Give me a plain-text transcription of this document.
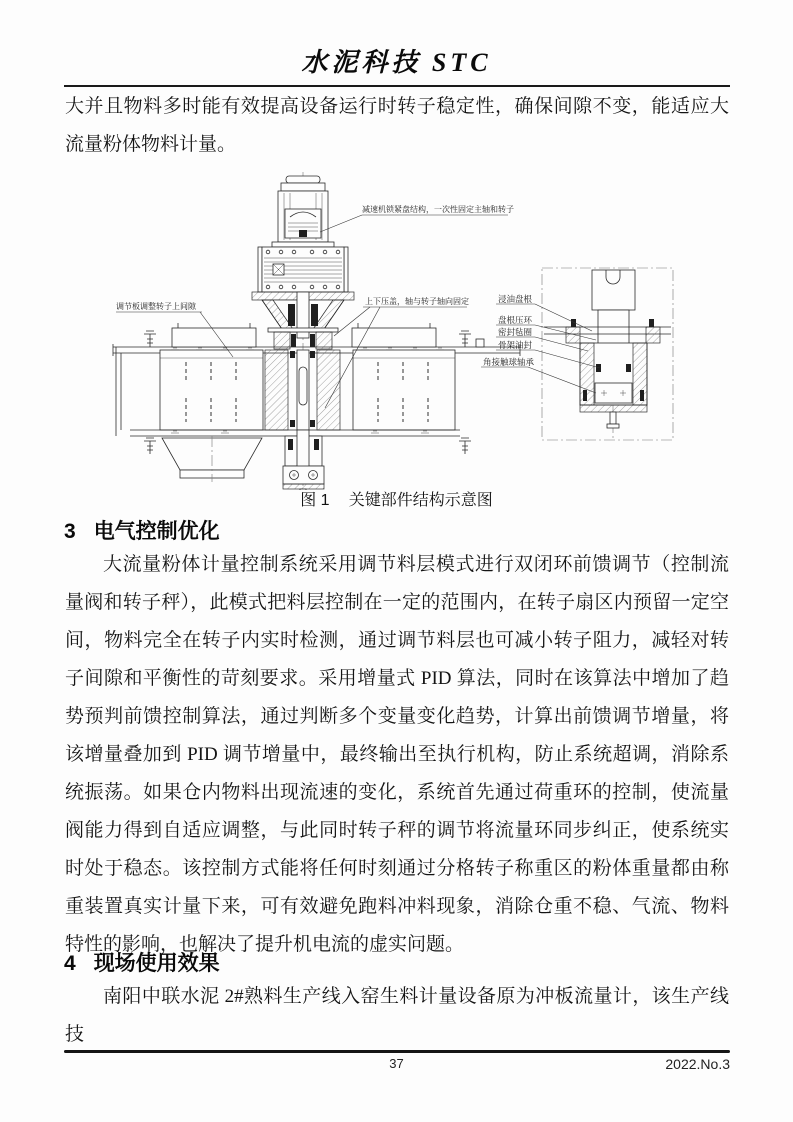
水泥科技 STC

大并且物料多时能有效提高设备运行时转子稳定性，确保间隙不变，能适应大流量粉体物料计量。

减速机锁紧盘结构，一次性固定主轴和转子
调节板调整转子上间隙
上下压盖，轴与转子轴向固定	浸油盘根
盘根压环
密封毡圈
骨架油封
角接触球轴承
图 1 关键部件结构示意图
3 电气控制优化

大流量粉体计量控制系统采用调节料层模式进行双闭环前馈调节（控制流量阀和转子秤），此模式把料层控制在一定的范围内，在转子扇区内预留一定空间，物料完全在转子内实时检测，通过调节料层也可减小转子阻力，减轻对转子间隙和平衡性的苛刻要求。采用增量式 PID 算法，同时在该算法中增加了趋势预判前馈控制算法，通过判断多个变量变化趋势，计算出前馈调节增量，将该增量叠加到 PID 调节增量中，最终输出至执行机构，防止系统超调，消除系统振荡。如果仓内物料出现流速的变化，系统首先通过荷重环的控制，使流量阀能力得到自适应调整，与此同时转子秤的调节将流量环同步纠正，使系统实时处于稳态。该控制方式能将任何时刻通过分格转子称重区的粉体重量都由称重装置真实计量下来，可有效避免跑料冲料现象，消除仓重不稳、气流、物料特性的影响，也解决了提升机电流的虚实问题。

4 现场使用效果

南阳中联水泥 2#熟料生产线入窑生料计量设备原为冲板流量计，该生产线技

37	2022.No.3
